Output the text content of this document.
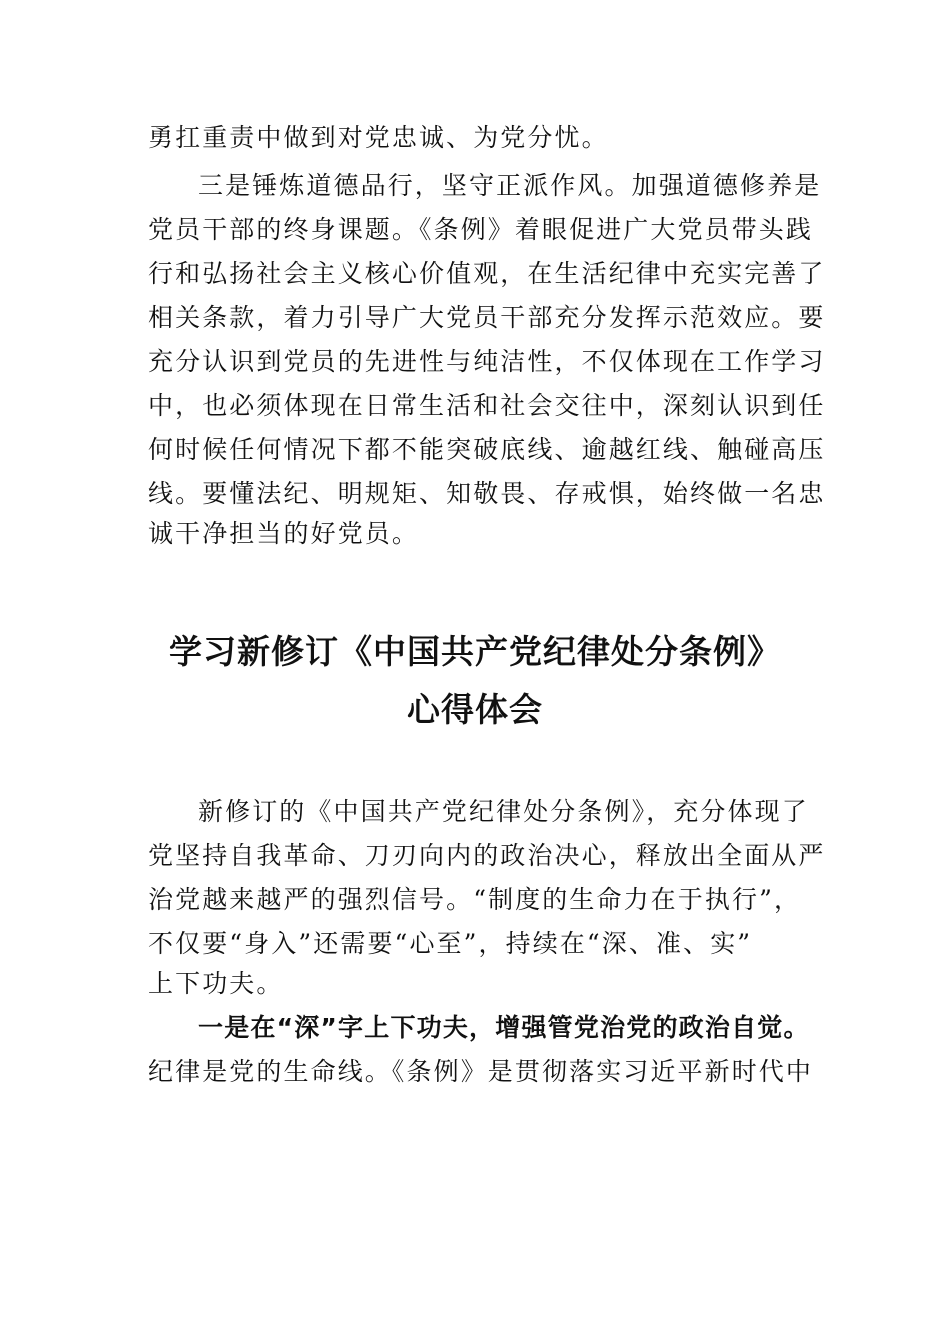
勇扛重责中做到对党忠诚、为党分忧。
三是锤炼道德品行，坚守正派作风。加强道德修养是
党员干部的终身课题。《条例》着眼促进广大党员带头践
行和弘扬社会主义核心价值观，在生活纪律中充实完善了
相关条款，着力引导广大党员干部充分发挥示范效应。要
充分认识到党员的先进性与纯洁性，不仅体现在工作学习
中，也必须体现在日常生活和社会交往中，深刻认识到任
何时候任何情况下都不能突破底线、逾越红线、触碰高压
线。要懂法纪、明规矩、知敬畏、存戒惧，始终做一名忠
诚干净担当的好党员。
学习新修订《中国共产党纪律处分条例》
心得体会
新修订的《中国共产党纪律处分条例》，充分体现了
党坚持自我革命、刀刃向内的政治决心，释放出全面从严
治党越来越严的强烈信号。“制度的生命力在于执行”，
不仅要“身入”还需要“心至”，持续在“深、准、实”
上下功夫。
一是在“深”字上下功夫，增强管党治党的政治自觉。
纪律是党的生命线。《条例》是贯彻落实习近平新时代中
